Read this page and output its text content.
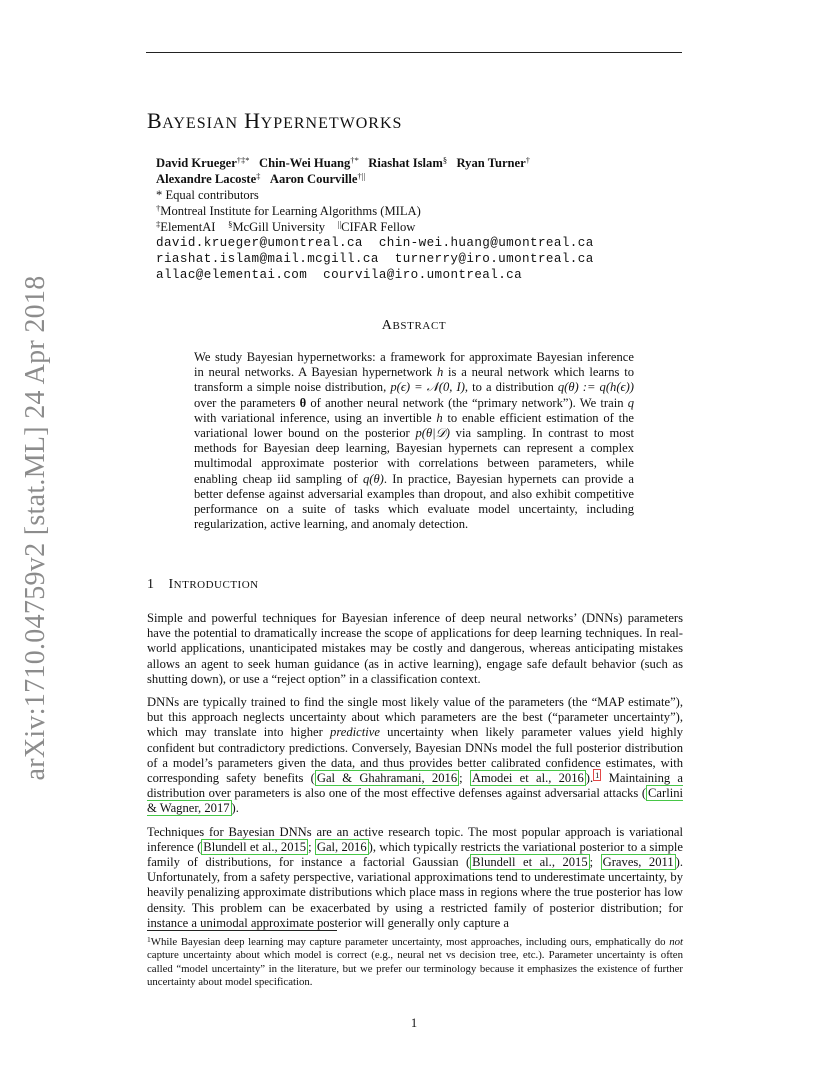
arXiv:1710.04759v2 [stat.ML] 24 Apr 2018
BAYESIAN HYPERNETWORKS
David Krueger†‡* Chin-Wei Huang†* Riashat Islam§ Ryan Turner†
Alexandre Lacoste‡ Aaron Courville†||
* Equal contributors
†Montreal Institute for Learning Algorithms (MILA)
‡ElementAI §McGill University ||CIFAR Fellow
david.krueger@umontreal.ca chin-wei.huang@umontreal.ca
riashat.islam@mail.mcgill.ca turnerry@iro.umontreal.ca
allac@elementai.com courvila@iro.umontreal.ca
ABSTRACT
We study Bayesian hypernetworks: a framework for approximate Bayesian inference in neural networks. A Bayesian hypernetwork h is a neural network which learns to transform a simple noise distribution, p(ϵ) = 𝒩(0, I), to a distribution q(θ) := q(h(ϵ)) over the parameters θ of another neural network (the “primary network”). We train q with variational inference, using an invertible h to enable efficient estimation of the variational lower bound on the posterior p(θ|𝒟) via sampling. In contrast to most methods for Bayesian deep learning, Bayesian hypernets can represent a complex multimodal approximate posterior with correlations between parameters, while enabling cheap iid sampling of q(θ). In practice, Bayesian hypernets can provide a better defense against adversarial examples than dropout, and also exhibit competitive performance on a suite of tasks which evaluate model uncertainty, including regularization, active learning, and anomaly detection.
1 INTRODUCTION

Simple and powerful techniques for Bayesian inference of deep neural networks’ (DNNs) parameters have the potential to dramatically increase the scope of applications for deep learning techniques. In real-world applications, unanticipated mistakes may be costly and dangerous, whereas anticipating mistakes allows an agent to seek human guidance (as in active learning), engage safe default behavior (such as shutting down), or use a “reject option” in a classification context.

DNNs are typically trained to find the single most likely value of the parameters (the “MAP estimate”), but this approach neglects uncertainty about which parameters are the best (“parameter uncertainty”), which may translate into higher predictive uncertainty when likely parameter values yield highly confident but contradictory predictions. Conversely, Bayesian DNNs model the full posterior distribution of a model’s parameters given the data, and thus provides better calibrated confidence estimates, with corresponding safety benefits ( Gal & Ghahramani, 2016 ; Amodei et al., 2016 ). $^1$ Maintaining a distribution over parameters is also one of the most effective defenses against adversarial attacks ( Carlini & Wagner, 2017 ).

Techniques for Bayesian DNNs are an active research topic. The most popular approach is variational inference ( Blundell et al., 2015 ; Gal, 2016 ), which typically restricts the variational posterior to a simple family of distributions, for instance a factorial Gaussian ( Blundell et al., 2015 ; Graves, 2011 ). Unfortunately, from a safety perspective, variational approximations tend to underestimate uncertainty, by heavily penalizing approximate distributions which place mass in regions where the true posterior has low density. This problem can be exacerbated by using a restricted family of posterior distribution; for instance a unimodal approximate posterior will generally only capture a

$^1$While Bayesian deep learning may capture parameter uncertainty, most approaches, including ours, emphatically do not capture uncertainty about which model is correct (e.g., neural net vs decision tree, etc.). Parameter uncertainty is often called “model uncertainty” in the literature, but we prefer our terminology because it emphasizes the existence of further uncertainty about model specification.
1
